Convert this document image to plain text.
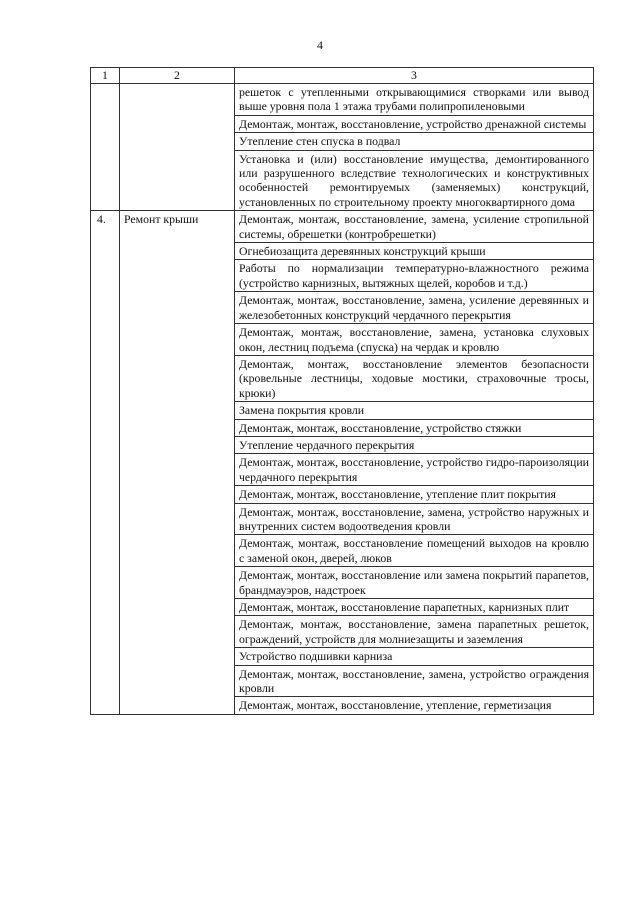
4
1	2	3
		решеток с утепленными открывающимися створками или вывод выше уровня пола 1 этажа трубами полипропиленовыми
		Демонтаж, монтаж, восстановление, устройство дренажной системы
		Утепление стен спуска в подвал
		Установка и (или) восстановление имущества, демонтированного или разрушенного вследствие технологических и конструктивных особенностей ремонтируемых (заменяемых) конструкций, установленных по строительному проекту многоквартирного дома
4.	Ремонт крыши	Демонтаж, монтаж, восстановление, замена, усиление стропильной системы, обрешетки (контробрешетки)
		Огнебиозащита деревянных конструкций крыши
		Работы по нормализации температурно-влажностного режима (устройство карнизных, вытяжных щелей, коробов и т.д.)
		Демонтаж, монтаж, восстановление, замена, усиление деревянных и железобетонных конструкций чердачного перекрытия
		Демонтаж, монтаж, восстановление, замена, установка слуховых окон, лестниц подъема (спуска) на чердак и кровлю
		Демонтаж, монтаж, восстановление элементов безопасности (кровельные лестницы, ходовые мостики, страховочные тросы, крюки)
		Замена покрытия кровли
		Демонтаж, монтаж, восстановление, устройство стяжки
		Утепление чердачного перекрытия
		Демонтаж, монтаж, восстановление, устройство гидро-пароизоляции чердачного перекрытия
		Демонтаж, монтаж, восстановление, утепление плит покрытия
		Демонтаж, монтаж, восстановление, замена, устройство наружных и внутренних систем водоотведения кровли
		Демонтаж, монтаж, восстановление помещений выходов на кровлю с заменой окон, дверей, люков
		Демонтаж, монтаж, восстановление или замена покрытий парапетов, брандмауэров, надстроек
		Демонтаж, монтаж, восстановление парапетных, карнизных плит
		Демонтаж, монтаж, восстановление, замена парапетных решеток, ограждений, устройств для молниезащиты и заземления
		Устройство подшивки карниза
		Демонтаж, монтаж, восстановление, замена, устройство ограждения кровли
		Демонтаж, монтаж, восстановление, утепление, герметизация
